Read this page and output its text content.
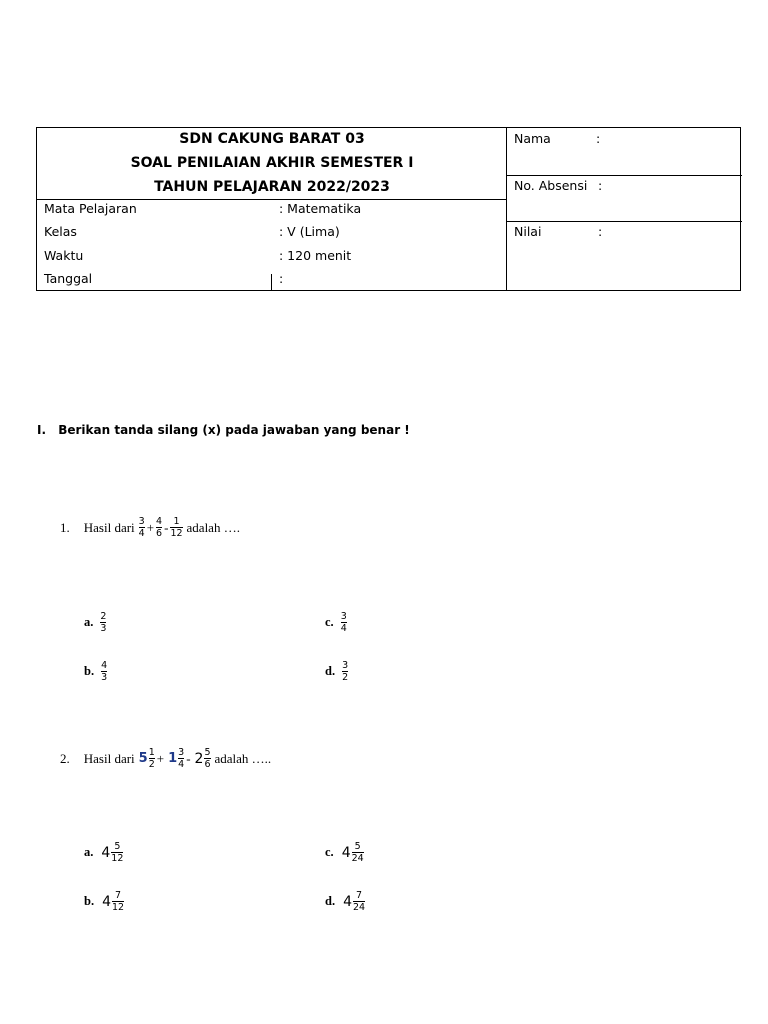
SDN CAKUNG BARAT 03
SOAL PENILAIAN AKHIR SEMESTER I
TAHUN PELAJARAN 2022/2023
Mata Pelajaran	: Matematika
Kelas	: V (Lima)
Waktu	: 120 menit
Tanggal	:
Nama	:
No. Absensi :
Nilai	:
I. Berikan tanda silang (x) pada jawaban yang benar !
1. Hasil dari $\frac{3}{4} + \frac{4}{6} - \frac{1}{12}$ adalah ….
a. $\frac{2}{3}$
b. $\frac{4}{3}$
c. $\frac{3}{4}$
d. $\frac{3}{2}$
2. Hasil dari $5 \frac{1}{2} + 1 \frac{3}{4} - 2 \frac{5}{6}$ adalah …..
a. $4 \frac{5}{12}$
b. $4 \frac{7}{12}$
c. $4 \frac{5}{24}$
d. $4 \frac{7}{24}$
